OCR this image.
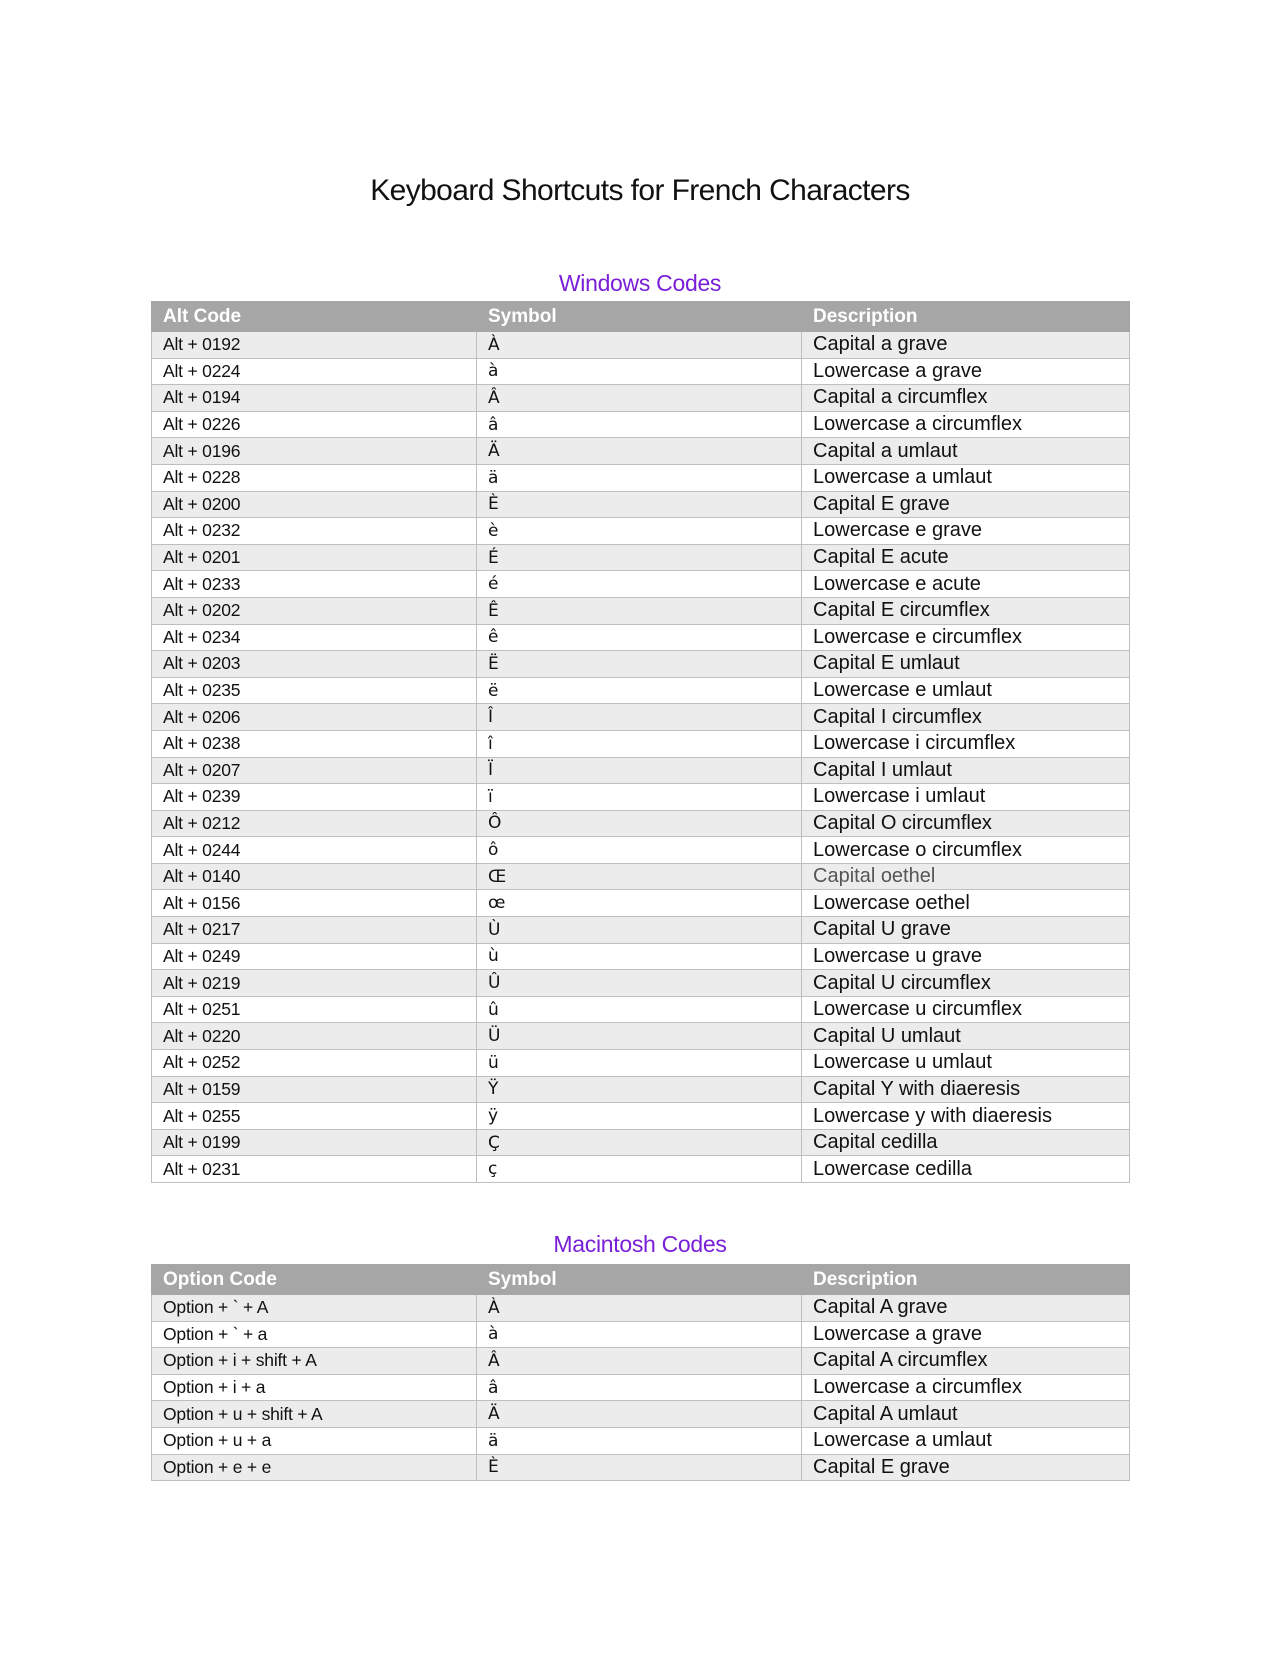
Keyboard Shortcuts for French Characters
Windows Codes
Alt Code	Symbol	Description
Alt + 0192	À	Capital a grave
Alt + 0224	à	Lowercase a grave
Alt + 0194	Â	Capital a circumflex
Alt + 0226	â	Lowercase a circumflex
Alt + 0196	Ä	Capital a umlaut
Alt + 0228	ä	Lowercase a umlaut
Alt + 0200	È	Capital E grave
Alt + 0232	è	Lowercase e grave
Alt + 0201	É	Capital E acute
Alt + 0233	é	Lowercase e acute
Alt + 0202	Ê	Capital E circumflex
Alt + 0234	ê	Lowercase e circumflex
Alt + 0203	Ë	Capital E umlaut
Alt + 0235	ë	Lowercase e umlaut
Alt + 0206	Î	Capital I circumflex
Alt + 0238	î	Lowercase i circumflex
Alt + 0207	Ï	Capital I umlaut
Alt + 0239	ï	Lowercase i umlaut
Alt + 0212	Ô	Capital O circumflex
Alt + 0244	ô	Lowercase o circumflex
Alt + 0140	Œ	Capital oethel
Alt + 0156	œ	Lowercase oethel
Alt + 0217	Ù	Capital U grave
Alt + 0249	ù	Lowercase u grave
Alt + 0219	Û	Capital U circumflex
Alt + 0251	û	Lowercase u circumflex
Alt + 0220	Ü	Capital U umlaut
Alt + 0252	ü	Lowercase u umlaut
Alt + 0159	Ÿ	Capital Y with diaeresis
Alt + 0255	ÿ	Lowercase y with diaeresis
Alt + 0199	Ç	Capital cedilla
Alt + 0231	ç	Lowercase cedilla
Macintosh Codes
Option Code	Symbol	Description
Option + ` + A	À	Capital A grave
Option + ` + a	à	Lowercase a grave
Option + i + shift + A	Â	Capital A circumflex
Option + i + a	â	Lowercase a circumflex
Option + u + shift + A	Ä	Capital A umlaut
Option + u + a	ä	Lowercase a umlaut
Option + e + e	È	Capital E grave
